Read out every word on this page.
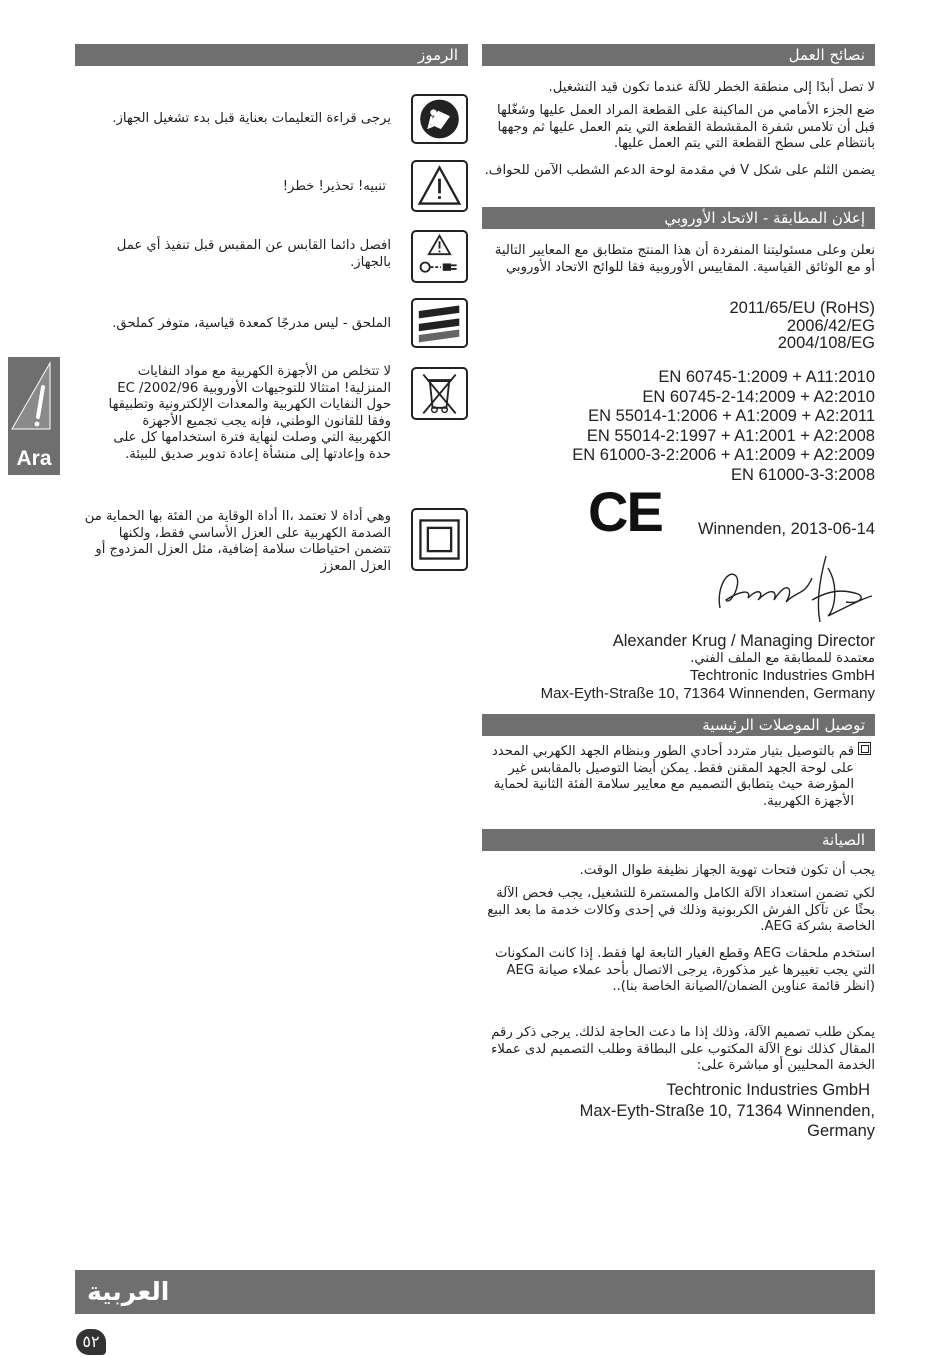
الرموز
يرجى قراءة التعليمات بعناية قبل بدء تشغيل الجهاز.
تنبيه! تحذير! خطر!
افصل دائما القابس عن المقبس قبل تنفيذ أي عمل بالجهاز.
الملحق - ليس مدرجًا كمعدة قياسية، متوفر كملحق.
لا تتخلص من الأجهزة الكهربية مع مواد النفايات المنزلية! امتثالا للتوجيهات الأوروبية 2002/96/ EC حول النفايات الكهربية والمعدات الإلكترونية وتطبيقها وفقا للقانون الوطني، فإنه يجب تجميع الأجهزة الكهربية التي وصلت لنهاية فترة استخدامها كل على حدة وإعادتها إلى منشأة إعادة تدوير صديق للبيئة.
وهي أداة لا تعتمد ،II أداة الوقاية من الفئة بها الحماية من الصدمة الكهربية على العزل الأساسي فقط، ولكنها تتضمن احتياطات سلامة إضافية، مثل العزل المزدوج أو العزل المعزز
Ara
نصائح العمل
لا تصل أبدًا إلى منطقة الخطر للآلة عندما تكون قيد التشغيل.
ضع الجزء الأمامي من الماكينة على القطعة المراد العمل عليها وشغّلها قبل أن تلامس شفرة المقشطة القطعة التي يتم العمل عليها ثم وجهها بانتظام على سطح القطعة التي يتم العمل عليها.
يضمن الثلم على شكل V في مقدمة لوحة الدعم الشطب الآمن للحواف.
إعلان المطابقة - الاتحاد الأوروبي
نعلن وعلى مسئوليتنا المنفردة أن هذا المنتج متطابق مع المعايير التالية أو مع الوثائق القياسية. المقاييس الأوروبية فقا للوائح الاتحاد الأوروبي
2011/65/EU (RoHS)
2006/42/EG
2004/108/EG
EN 60745-1:2009 + A11:2010
EN 60745-2-14:2009 + A2:2010
EN 55014-1:2006 + A1:2009 + A2:2011
EN 55014-2:1997 + A1:2001 + A2:2008
EN 61000-3-2:2006 + A1:2009 + A2:2009
EN 61000-3-3:2008
CE	Winnenden, 2013-06-14
Alexander Krug / Managing Director
معتمدة للمطابقة مع الملف الفني.
Techtronic Industries GmbH
Max-Eyth-Straße 10, 71364 Winnenden, Germany
توصيل الموصلات الرئيسية
قم بالتوصيل بتيار متردد أحادي الطور وبنظام الجهد الكهربي المحدد على لوحة الجهد المقنن فقط. يمكن أيضا التوصيل بالمقابس غير المؤرضة حيث يتطابق التصميم مع معايير سلامة الفئة الثانية لحماية الأجهزة الكهربية.
الصيانة
يجب أن تكون فتحات تهوية الجهاز نظيفة طوال الوقت.
لكي تضمن استعداد الآلة الكامل والمستمرة للتشغيل، يجب فحص الآلة بحثًا عن تآكل الفرش الكربونية وذلك في إحدى وكالات خدمة ما بعد البيع الخاصة بشركة AEG.
استخدم ملحقات AEG وقطع الغيار التابعة لها فقط. إذا كانت المكونات التي يجب تغييرها غير مذكورة، يرجى الاتصال بأحد عملاء صيانة AEG (انظر قائمة عناوين الضمان/الصيانة الخاصة بنا)..
يمكن طلب تصميم الآلة، وذلك إذا ما دعت الحاجة لذلك. يرجى ذكر رقم المقال كذلك نوع الآلة المكتوب على البطاقة وطلب التصميم لدى عملاء الخدمة المحليين أو مباشرة على:
Techtronic Industries GmbH
Max-Eyth-Straße 10, 71364 Winnenden,
Germany
العربية
٥٢
